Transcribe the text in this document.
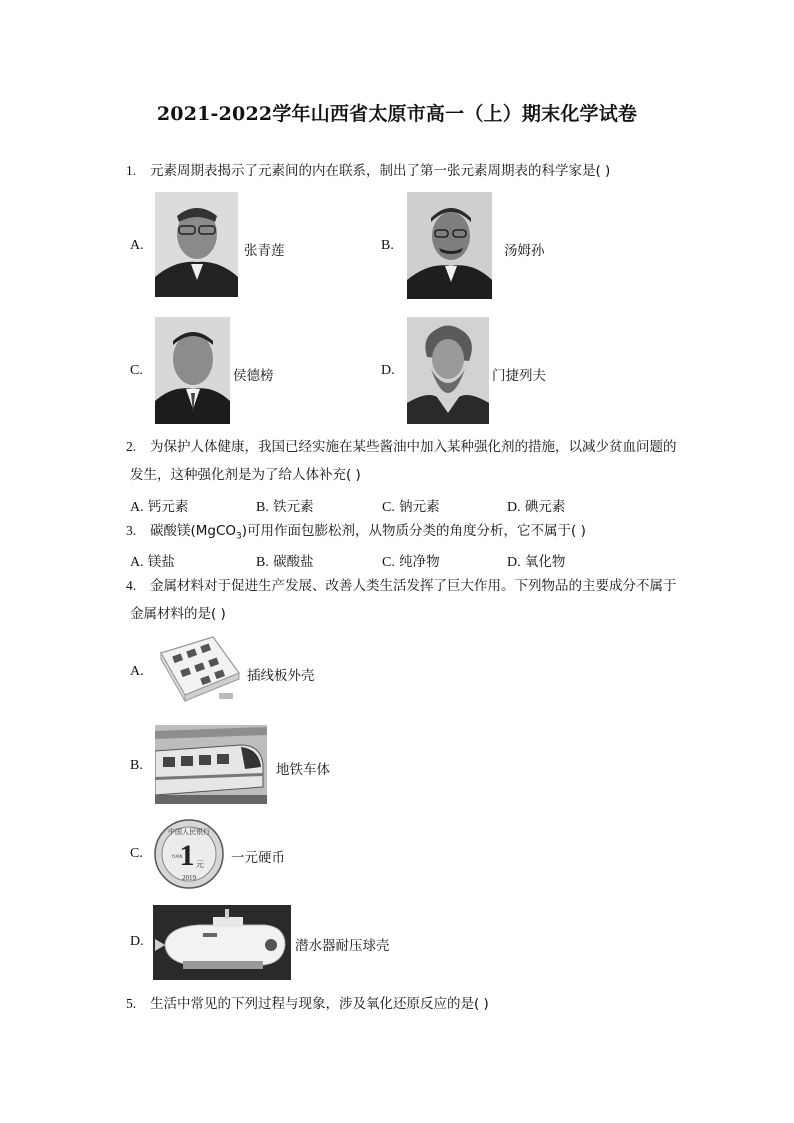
2021-2022学年山西省太原市高一（上）期末化学试卷
1. 元素周期表揭示了元素间的内在联系，制出了第一张元素周期表的科学家是( )
A.	张青莲	B.	汤姆孙
C.	侯德榜	D.	门捷列夫
2. 为保护人体健康，我国已经实施在某些酱油中加入某种强化剂的措施，以减少贫血问题的
发生，这种强化剂是为了给人体补充( )
A. 钙元素	B. 铁元素	C. 钠元素	D. 碘元素
3. 碳酸镁(MgCO$_3$)可用作面包膨松剂，从物质分类的角度分析，它不属于( )
A. 镁盐	B. 碳酸盐	C. 纯净物	D. 氧化物
4. 金属材料对于促进生产发展、改善人类生活发挥了巨大作用。下列物品的主要成分不属于
金属材料的是( )
A.	插线板外壳
B.	地铁车体
C.
中国人民银行
1 元
YUAN
2019
一元硬币
D.	潜水器耐压球壳
5. 生活中常见的下列过程与现象，涉及氧化还原反应的是( )
